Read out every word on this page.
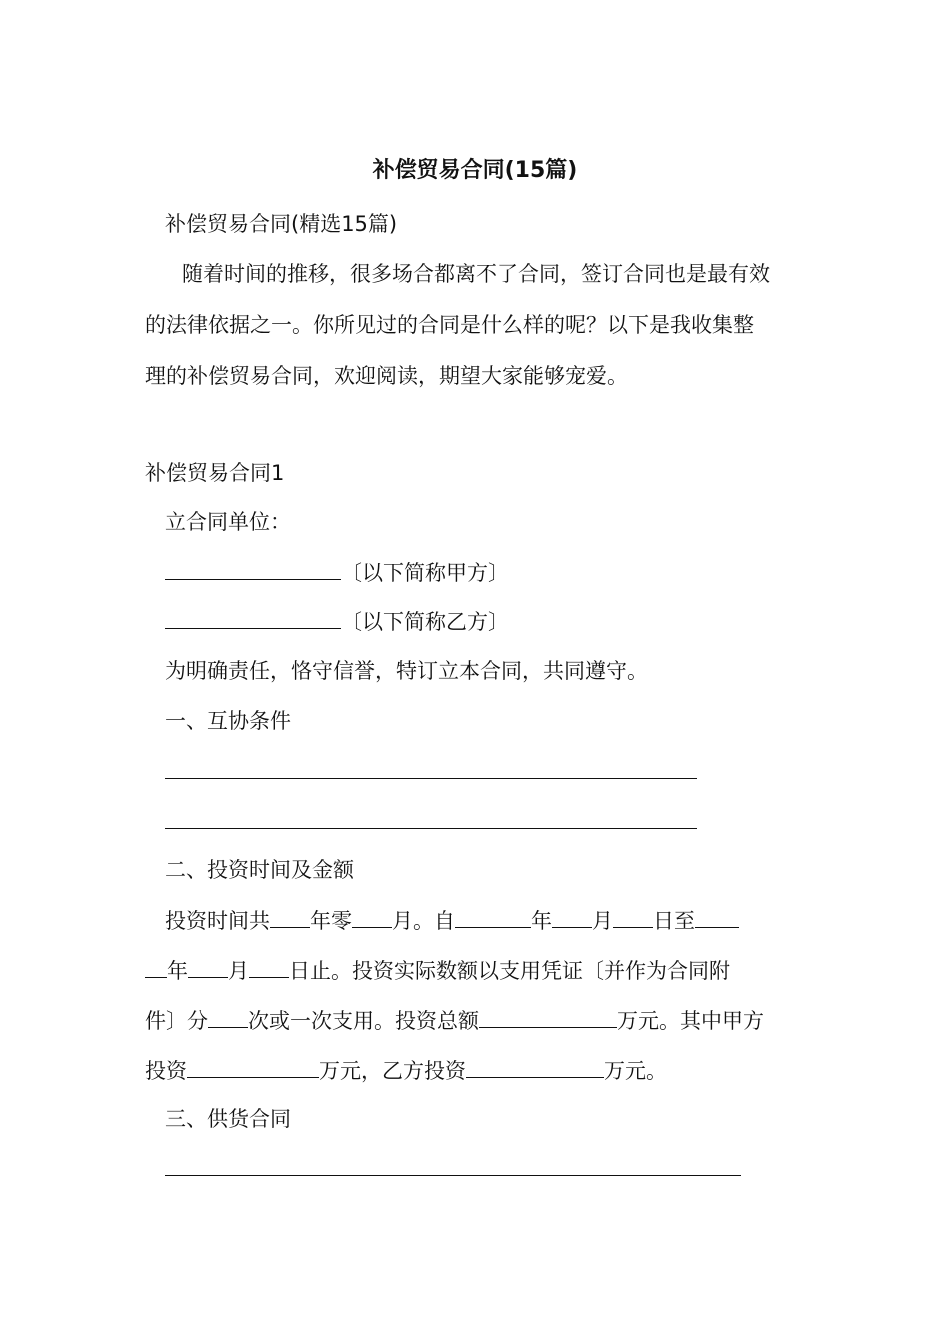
补偿贸易合同(15篇)
补偿贸易合同(精选15篇)
随着时间的推移，很多场合都离不了合同，签订合同也是最有效
的法律依据之一。你所见过的合同是什么样的呢？以下是我收集整
理的补偿贸易合同，欢迎阅读，期望大家能够宠爱。
补偿贸易合同1
立合同单位：
〔以下简称甲方〕
〔以下简称乙方〕
为明确责任，恪守信誉，特订立本合同，共同遵守。
一、互协条件
二、投资时间及金额
投资时间共 年零 月。自	年 月 日至
年 月 日止。投资实际数额以支用凭证〔并作为合同附
件〕分 次或一次支用。投资总额	万元。其中甲方
投资	万元，乙方投资	万元。
三、供货合同
